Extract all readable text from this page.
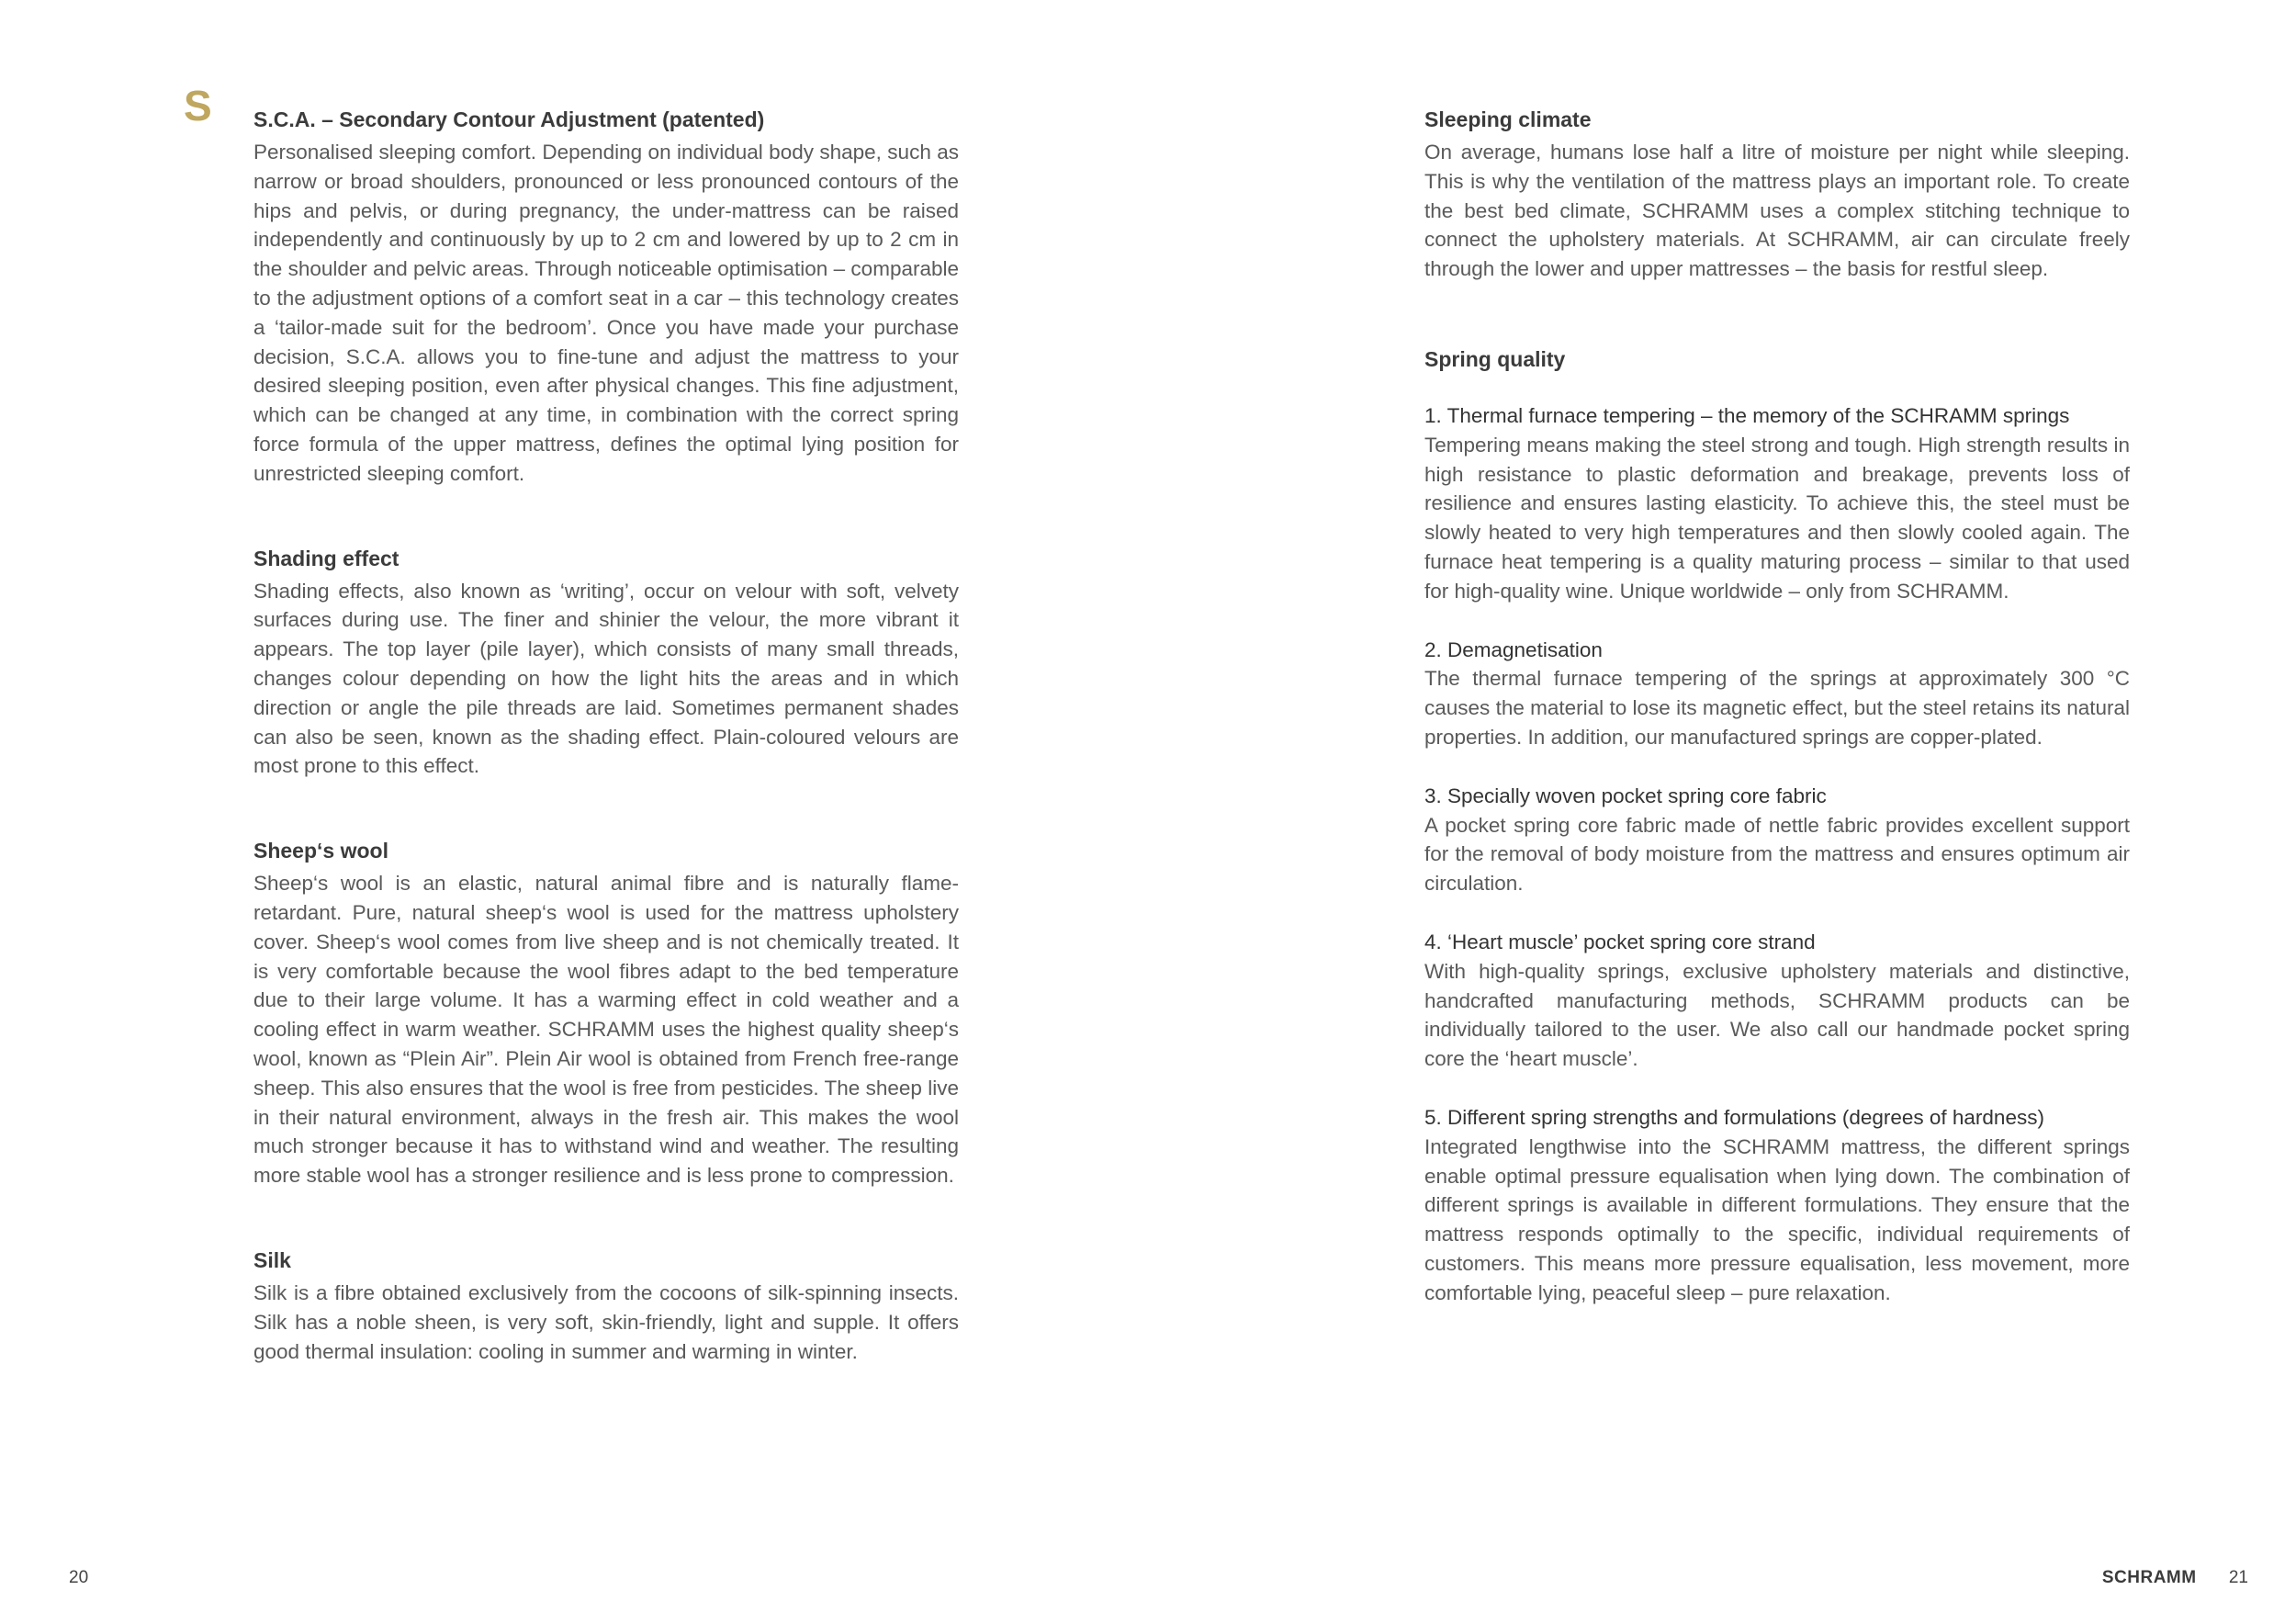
S S.C.A. – Secondary Contour Adjustment (patented)

Personalised sleeping comfort. Depending on individual body shape, such as narrow or broad shoulders, pronounced or less pronounced contours of the hips and pelvis, or during pregnancy, the under-mattress can be raised independently and continuously by up to 2 cm and lowered by up to 2 cm in the shoulder and pelvic areas. Through noticeable optimisation – comparable to the adjustment options of a comfort seat in a car – this technology creates a ‘tailor-made suit for the bedroom’. Once you have made your purchase decision, S.C.A. allows you to fine-tune and adjust the mattress to your desired sleeping position, even after physical changes. This fine adjustment, which can be changed at any time, in combination with the correct spring force formula of the upper mattress, defines the optimal lying position for unrestricted sleeping comfort.

Shading effect

Shading effects, also known as ‘writing’, occur on velour with soft, velvety surfaces during use. The finer and shinier the velour, the more vibrant it appears. The top layer (pile layer), which consists of many small threads, changes colour depending on how the light hits the areas and in which direction or angle the pile threads are laid. Sometimes permanent shades can also be seen, known as the shading effect. Plain-coloured velours are most prone to this effect.

Sheep‘s wool

Sheep‘s wool is an elastic, natural animal fibre and is naturally flame-retardant. Pure, natural sheep‘s wool is used for the mattress upholstery cover. Sheep‘s wool comes from live sheep and is not chemically treated. It is very comfortable because the wool fibres adapt to the bed temperature due to their large volume. It has a warming effect in cold weather and a cooling effect in warm weather. SCHRAMM uses the highest quality sheep‘s wool, known as “Plein Air”. Plein Air wool is obtained from French free-range sheep. This also ensures that the wool is free from pesticides. The sheep live in their natural environment, always in the fresh air. This makes the wool much stronger because it has to withstand wind and weather. The resulting more stable wool has a stronger resilience and is less prone to compression.

Silk

Silk is a fibre obtained exclusively from the cocoons of silk-spinning insects. Silk has a noble sheen, is very soft, skin-friendly, light and supple. It offers good thermal insulation: cooling in summer and warming in winter.

Sleeping climate

On average, humans lose half a litre of moisture per night while sleeping. This is why the ventilation of the mattress plays an important role. To create the best bed climate, SCHRAMM uses a complex stitching technique to connect the upholstery materials. At SCHRAMM, air can circulate freely through the lower and upper mattresses – the basis for restful sleep.

Spring quality

1. Thermal furnace tempering – the memory of the SCHRAMM springs

Tempering means making the steel strong and tough. High strength results in high resistance to plastic deformation and breakage, prevents loss of resilience and ensures lasting elasticity. To achieve this, the steel must be slowly heated to very high temperatures and then slowly cooled again. The furnace heat tempering is a quality maturing process – similar to that used for high-quality wine. Unique worldwide – only from SCHRAMM.

2. Demagnetisation

The thermal furnace tempering of the springs at approximately 300 °C causes the material to lose its magnetic effect, but the steel retains its natural properties. In addition, our manufactured springs are copper-plated.

3. Specially woven pocket spring core fabric

A pocket spring core fabric made of nettle fabric provides excellent support for the removal of body moisture from the mattress and ensures optimum air circulation.

4. ‘Heart muscle’ pocket spring core strand

With high-quality springs, exclusive upholstery materials and distinctive, handcrafted manufacturing methods, SCHRAMM products can be individually tailored to the user. We also call our handmade pocket spring core the ‘heart muscle’.

5. Different spring strengths and formulations (degrees of hardness)

Integrated lengthwise into the SCHRAMM mattress, the different springs enable optimal pressure equalisation when lying down. The combination of different springs is available in different formulations. They ensure that the mattress responds optimally to the specific, individual requirements of customers. This means more pressure equalisation, less movement, more comfortable lying, peaceful sleep – pure relaxation.

20	SCHRAMM 21
